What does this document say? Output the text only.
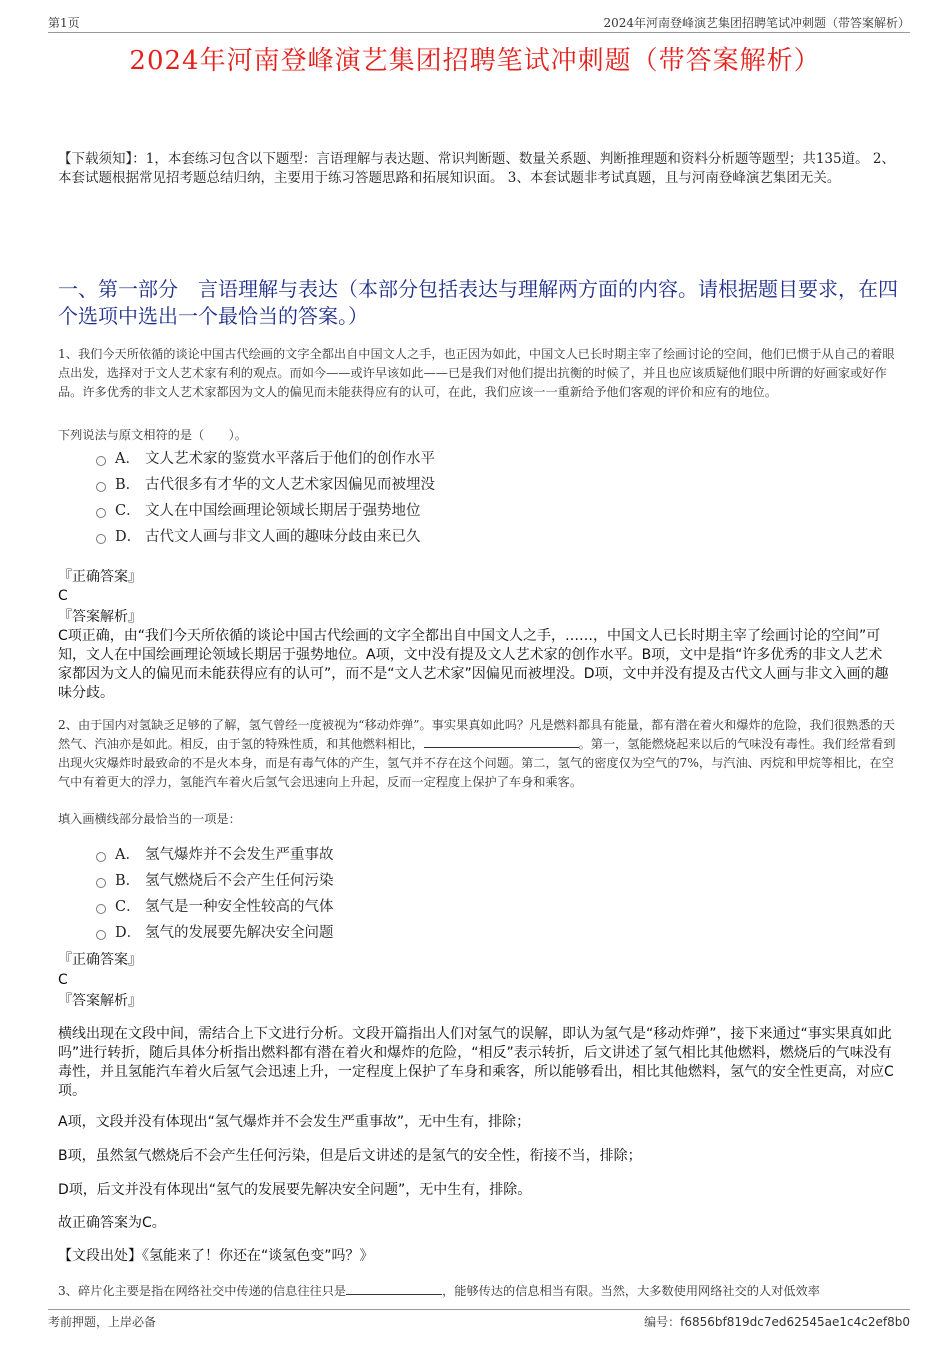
第1页	2024年河南登峰演艺集团招聘笔试冲刺题（带答案解析）
2024年河南登峰演艺集团招聘笔试冲刺题（带答案解析）
【下载须知】：1，本套练习包含以下题型：言语理解与表达题、常识判断题、数量关系题、判断推理题和资料分析题等题型；共135道。 2、本套试题根据常见招考题总结归纳，主要用于练习答题思路和拓展知识面。 3、本套试题非考试真题，且与河南登峰演艺集团无关。
一、第一部分　言语理解与表达（本部分包括表达与理解两方面的内容。请根据题目要求，在四个选项中选出一个最恰当的答案。）
1、我们今天所依循的谈论中国古代绘画的文字全都出自中国文人之手，也正因为如此，中国文人已长时期主宰了绘画讨论的空间，他们已惯于从自己的着眼点出发，选择对于文人艺术家有利的观点。而如今——或许早该如此——已是我们对他们提出抗衡的时候了，并且也应该质疑他们眼中所谓的好画家或好作品。许多优秀的非文人艺术家都因为文人的偏见而未能获得应有的认可，在此，我们应该一一重新给予他们客观的评价和应有的地位。
下列说法与原文相符的是（　　）。
A． 文人艺术家的鉴赏水平落后于他们的创作水平
B． 古代很多有才华的文人艺术家因偏见而被埋没
C． 文人在中国绘画理论领域长期居于强势地位
D． 古代文人画与非文人画的趣味分歧由来已久
『正确答案』
C
『答案解析』
C项正确，由“我们今天所依循的谈论中国古代绘画的文字全都出自中国文人之手，……，中国文人已长时期主宰了绘画讨论的空间”可知，文人在中国绘画理论领域长期居于强势地位。A项，文中没有提及文人艺术家的创作水平。B项，文中是指“许多优秀的非文人艺术家都因为文人的偏见而未能获得应有的认可”，而不是“文人艺术家”因偏见而被埋没。D项，文中并没有提及古代文人画与非文入画的趣味分歧。
2、由于国内对氢缺乏足够的了解，氢气曾经一度被视为“移动炸弹”。事实果真如此吗？凡是燃料都具有能量，都有潜在着火和爆炸的危险，我们很熟悉的天然气、汽油亦是如此。相反，由于氢的特殊性质，和其他燃料相比，	。第一，氢能燃烧起来以后的气味没有毒性。我们经常看到出现火灾爆炸时最致命的不是火本身，而是有毒气体的产生，氢气并不存在这个问题。第二，氢气的密度仅为空气的7%，与汽油、丙烷和甲烷等相比，在空气中有着更大的浮力，氢能汽车着火后氢气会迅速向上升起，反而一定程度上保护了车身和乘客。
填入画横线部分最恰当的一项是：
A． 氢气爆炸并不会发生严重事故
B． 氢气燃烧后不会产生任何污染
C． 氢气是一种安全性较高的气体
D． 氢气的发展要先解决安全问题
『正确答案』
C
『答案解析』
横线出现在文段中间，需结合上下文进行分析。文段开篇指出人们对氢气的误解，即认为氢气是“移动炸弹”，接下来通过“事实果真如此吗”进行转折，随后具体分析指出燃料都有潜在着火和爆炸的危险，“相反”表示转折，后文讲述了氢气相比其他燃料，燃烧后的气味没有毒性，并且氢能汽车着火后氢气会迅速上升，一定程度上保护了车身和乘客，所以能够看出，相比其他燃料，氢气的安全性更高，对应C项。
A项，文段并没有体现出“氢气爆炸并不会发生严重事故”，无中生有，排除；
B项，虽然氢气燃烧后不会产生任何污染，但是后文讲述的是氢气的安全性，衔接不当，排除；
D项，后文并没有体现出“氢气的发展要先解决安全问题”，无中生有，排除。
故正确答案为C。
【文段出处】《氢能来了！你还在“谈氢色变”吗？》
3、碎片化主要是指在网络社交中传递的信息往往只是	，能够传达的信息相当有限。当然，大多数使用网络社交的人对低效率
考前押题，上岸必备	编号：f6856bf819dc7ed62545ae1c4c2ef8b0
